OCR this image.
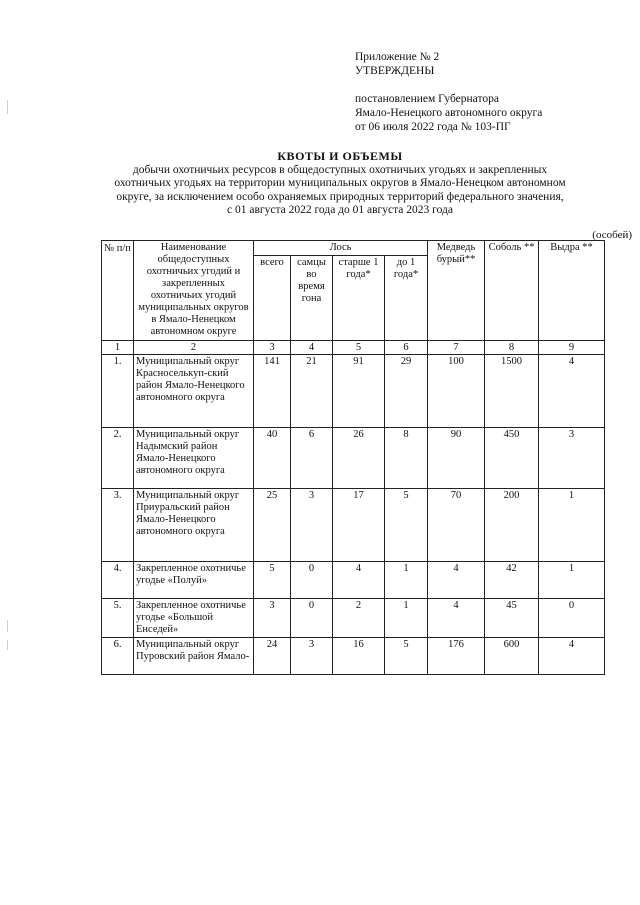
Приложение № 2
УТВЕРЖДЕНЫ
постановлением Губернатора
Ямало-Ненецкого автономного округа
от 06 июля 2022 года № 103-ПГ
КВОТЫ И ОБЪЕМЫ
добычи охотничьих ресурсов в общедоступных охотничьих угодьях и закрепленных
охотничьих угодьях на территории муниципальных округов в Ямало-Ненецком автономном
округе, за исключением особо охраняемых природных территорий федерального значения,
с 01 августа 2022 года до 01 августа 2023 года
(особей)
№ п/п	Наименование общедоступных охотничьих угодий и закрепленных охотничьих угодий муниципальных округов в Ямало-Ненецком автономном округе	Лось				Медведь бурый**	Соболь **	Выдра **
		всего	самцы во время гона	старше 1 года*	до 1 года*			
1	2	3	4	5	6	7	8	9
1.	Муниципальный округ Красноселькуп-ский район Ямало-Ненецкого автономного округа	141	21	91	29	100	1500	4
2.	Муниципальный округ Надымский район Ямало-Ненецкого автономного округа	40	6	26	8	90	450	3
3.	Муниципальный округ Приуральский район Ямало-Ненецкого автономного округа	25	3	17	5	70	200	1
4.	Закрепленное охотничье угодье «Полуй»	5	0	4	1	4	42	1
5.	Закрепленное охотничье угодье «Большой Енседей»	3	0	2	1	4	45	0
6.	Муниципальный округ Пуровский район Ямало-	24	3	16	5	176	600	4
